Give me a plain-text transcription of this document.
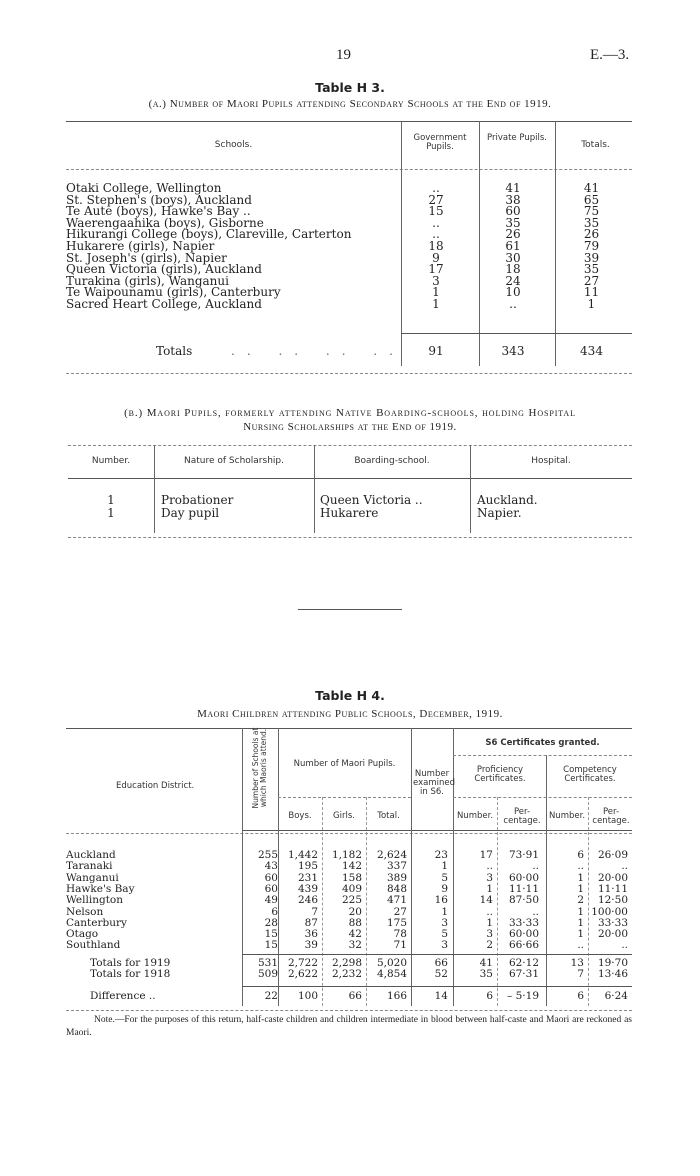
19	E.—3.
Table H 3.
(a.) Number of Maori Pupils attending Secondary Schools at the End of 1919.
Schools.
Government Pupils.
Private Pupils.
Totals.
Otaki College, Wellington	..	41	41
St. Stephen's (boys), Auckland	27	38	65
Te Aute (boys), Hawke's Bay ..	15	60	75
Waerengaahika (boys), Gisborne	..	35	35
Hikurangi College (boys), Clareville, Carterton	..	26	26
Hukarere (girls), Napier	18	61	79
St. Joseph's (girls), Napier	9	30	39
Queen Victoria (girls), Auckland	17	18	35
Turakina (girls), Wanganui	3	24	27
Te Waipounamu (girls), Canterbury	1	10	11
Sacred Heart College, Auckland	1	..	1
Totals	.. .. .. ..	91	343	434
(b.) Maori Pupils, formerly attending Native Boarding-schools, holding Hospital
Nursing Scholarships at the End of 1919.
Number.	Nature of Scholarship.	Boarding-school.	Hospital.
1	Probationer	Queen Victoria ..	Auckland.
1	Day pupil	Hukarere	Napier.
Table H 4.
Maori Children attending Public Schools, December, 1919.
Education District.	Number of Schools at which Maoris attend.	Number of Maori Pupils.
Boys.	Girls.	Total.
Number examined in S6.
S6 Certificates granted.
Proficiency Certificates.
Competency Certificates.
Number.	Per-centage. Number.	Per-centage.
Auckland	255 1,442	1,182	2,624	23	17	73·91	6	26·09
Taranaki	43	195	142	337	1	..	..	..	..
Wanganui	60	231	158	389	5	3	60·00	1	20·00
Hawke's Bay	60	439	409	848	9	1	11·11	1	11·11
Wellington	49	246	225	471	16	14	87·50	2	12·50
Nelson	6	7	20	27	1	..	..	1 100·00
Canterbury	28	87	88	175	3	1	33·33	1	33·33
Otago	15	36	42	78	5	3	60·00	1	20·00
Southland	15	39	32	71	3	2	66·66	..	..
Totals for 1919	531 2,722	2,298	5,020	66	41	62·12	13	19·70
Totals for 1918	509 2,622	2,232	4,854	52	35	67·31	7	13·46
Difference ..	22	100	66	166	14	6	– 5·19	6	6·24
Note.—For the purposes of this return, half-caste children and children intermediate in blood between half-caste and Maori are reckoned as Maori.
